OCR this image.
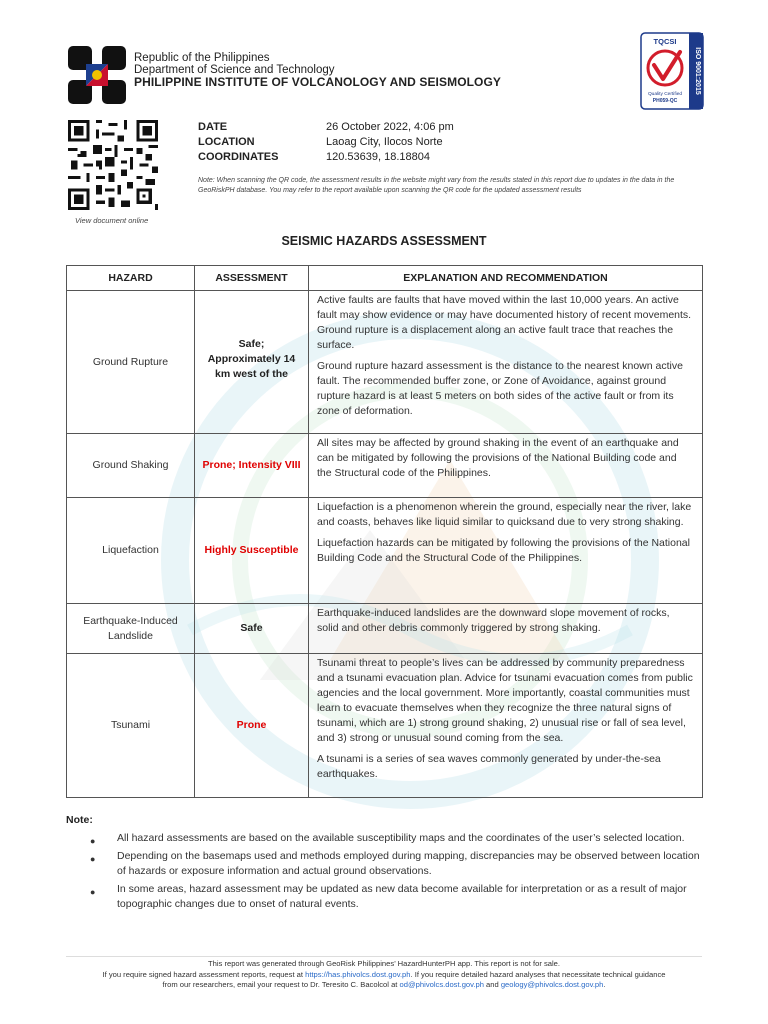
Republic of the Philippines
Department of Science and Technology
PHILIPPINE INSTITUTE OF VOLCANOLOGY AND SEISMOLOGY	ISO 9001:2015
TQCSI
Quality Certified
PH059-QC
View document online
DATE	26 October 2022, 4:06 pm
LOCATION	Laoag City, Ilocos Norte
COORDINATES	120.53639, 18.18804
Note: When scanning the QR code, the assessment results in the website might vary from the results stated in this report due to updates in the data in the GeoRiskPH database. You may refer to the report available upon scanning the QR code for the updated assessment results
SEISMIC HAZARDS ASSESSMENT
HAZARD	ASSESSMENT	EXPLANATION AND RECOMMENDATION
Ground Rupture	Safe; Approximately 14 km west of the	Active faults are faults that have moved within the last 10,000 years. An active fault may show evidence or may have documented history of recent movements. Ground rupture is a displacement along an active fault trace that reaches the surface.

Ground rupture hazard assessment is the distance to the nearest known active fault. The recommended buffer zone, or Zone of Avoidance, against ground rupture hazard is at least 5 meters on both sides of the active fault or from its zone of deformation.

Ground Shaking	Prone; Intensity VIII	All sites may be affected by ground shaking in the event of an earthquake and can be mitigated by following the provisions of the National Building code and the Structural code of the Philippines.

Liquefaction	Highly Susceptible	Liquefaction is a phenomenon wherein the ground, especially near the river, lake and coasts, behaves like liquid similar to quicksand due to very strong shaking.

Liquefaction hazards can be mitigated by following the provisions of the National Building Code and the Structural Code of the Philippines.

Earthquake-Induced Landslide	Safe	Earthquake-induced landslides are the downward slope movement of rocks, solid and other debris commonly triggered by strong shaking.

Tsunami	Prone	Tsunami threat to people’s lives can be addressed by community preparedness and a tsunami evacuation plan. Advice for tsunami evacuation comes from public agencies and the local government. More importantly, coastal communities must learn to evacuate themselves when they recognize the three natural signs of tsunami, which are 1) strong ground shaking, 2) unusual rise or fall of sea level, and 3) strong or unusual sound coming from the sea.

A tsunami is a series of sea waves commonly generated by under-the-sea earthquakes.

Note:
● All hazard assessments are based on the available susceptibility maps and the coordinates of the user’s selected location.
● Depending on the basemaps used and methods employed during mapping, discrepancies may be observed between location of hazards or exposure information and actual ground observations.
● In some areas, hazard assessment may be updated as new data become available for interpretation or as a result of major topographic changes due to onset of natural events.
This report was generated through GeoRisk Philippines’ HazardHunterPH app. This report is not for sale.
If you require signed hazard assessment reports, request at https://has.phivolcs.dost.gov.ph. If you require detailed hazard analyses that necessitate technical guidance
from our researchers, email your request to Dr. Teresito C. Bacolcol at od@phivolcs.dost.gov.ph and geology@phivolcs.dost.gov.ph.
